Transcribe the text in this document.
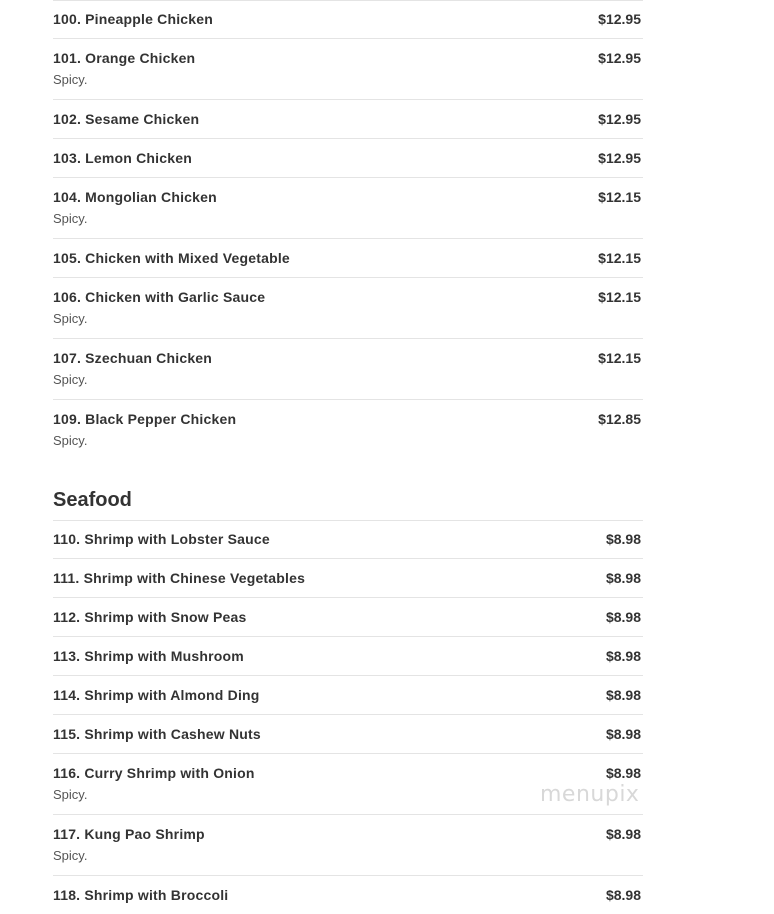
100. Pineapple Chicken	$12.95
101. Orange Chicken	$12.95
Spicy.
102. Sesame Chicken	$12.95
103. Lemon Chicken	$12.95
104. Mongolian Chicken	$12.15
Spicy.
105. Chicken with Mixed Vegetable	$12.15
106. Chicken with Garlic Sauce	$12.15
Spicy.
107. Szechuan Chicken	$12.15
Spicy.
109. Black Pepper Chicken	$12.85
Spicy.
Seafood
110. Shrimp with Lobster Sauce	$8.98
111. Shrimp with Chinese Vegetables	$8.98
112. Shrimp with Snow Peas	$8.98
113. Shrimp with Mushroom	$8.98
114. Shrimp with Almond Ding	$8.98
115. Shrimp with Cashew Nuts	$8.98
116. Curry Shrimp with Onion	$8.98
Spicy.
117. Kung Pao Shrimp	$8.98
Spicy.
118. Shrimp with Broccoli	$8.98
menupix
